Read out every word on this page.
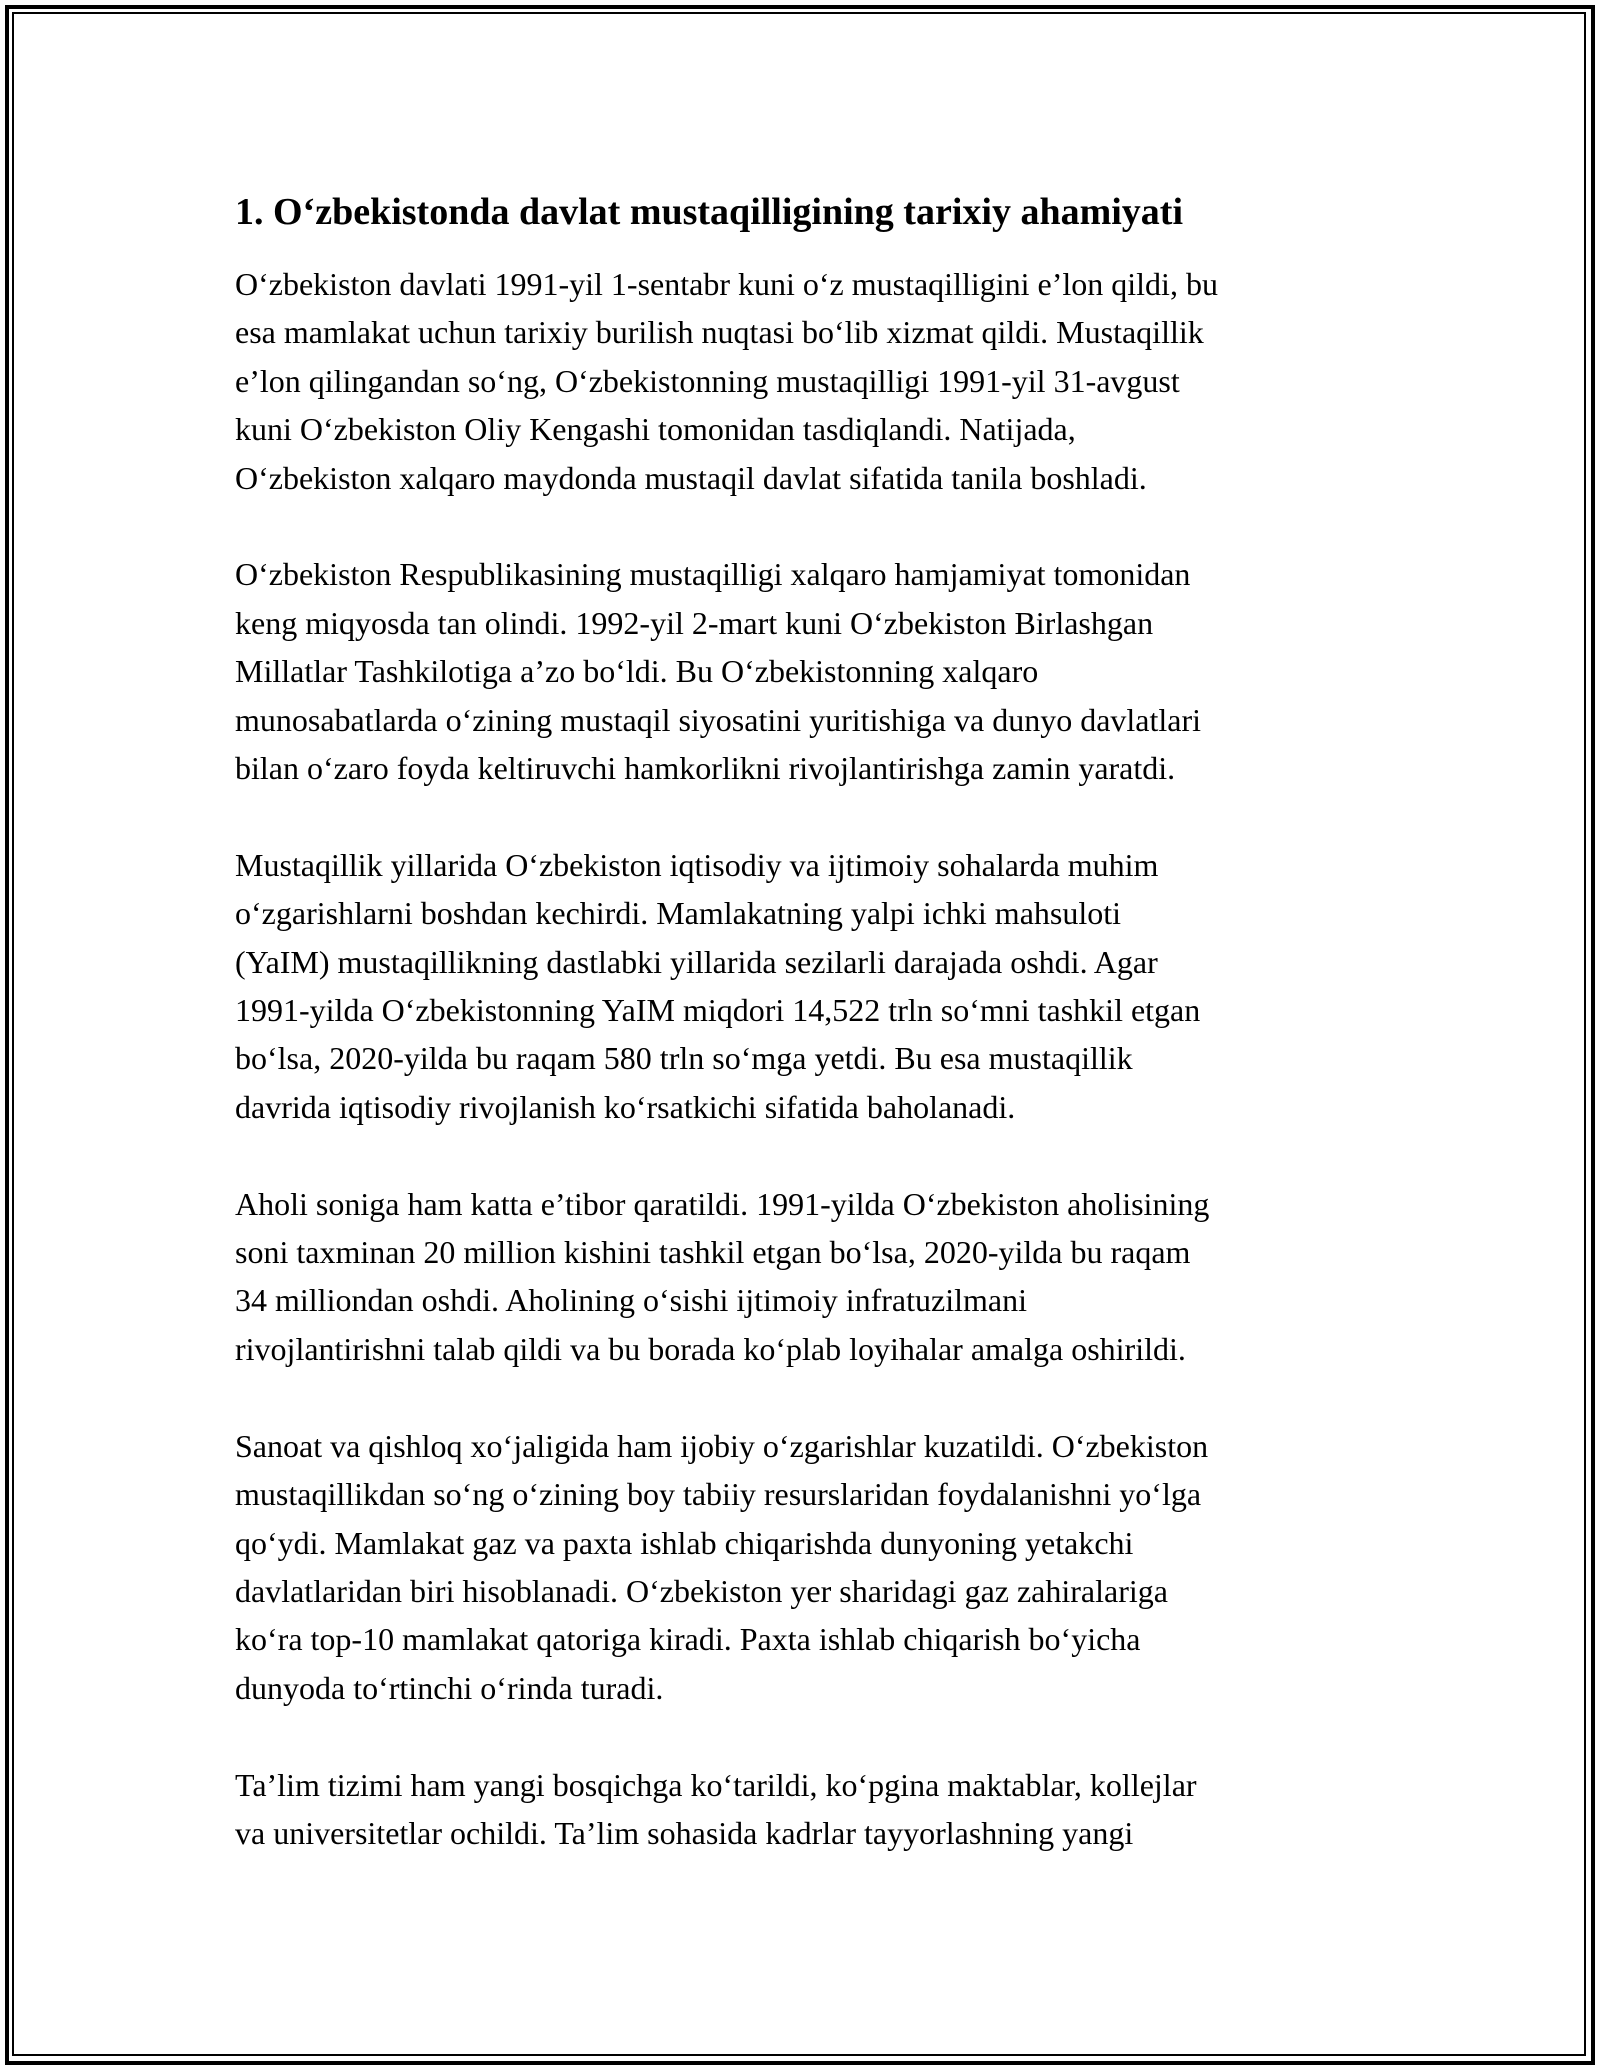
1. O‘zbekistonda davlat mustaqilligining tarixiy ahamiyati

O‘zbekiston davlati 1991-yil 1-sentabr kuni o‘z mustaqilligini e’lon qildi, bu
esa mamlakat uchun tarixiy burilish nuqtasi bo‘lib xizmat qildi. Mustaqillik
e’lon qilingandan so‘ng, O‘zbekistonning mustaqilligi 1991-yil 31-avgust
kuni O‘zbekiston Oliy Kengashi tomonidan tasdiqlandi. Natijada,
O‘zbekiston xalqaro maydonda mustaqil davlat sifatida tanila boshladi.

O‘zbekiston Respublikasining mustaqilligi xalqaro hamjamiyat tomonidan
keng miqyosda tan olindi. 1992-yil 2-mart kuni O‘zbekiston Birlashgan
Millatlar Tashkilotiga a’zo bo‘ldi. Bu O‘zbekistonning xalqaro
munosabatlarda o‘zining mustaqil siyosatini yuritishiga va dunyo davlatlari
bilan o‘zaro foyda keltiruvchi hamkorlikni rivojlantirishga zamin yaratdi.

Mustaqillik yillarida O‘zbekiston iqtisodiy va ijtimoiy sohalarda muhim
o‘zgarishlarni boshdan kechirdi. Mamlakatning yalpi ichki mahsuloti
(YaIM) mustaqillikning dastlabki yillarida sezilarli darajada oshdi. Agar
1991-yilda O‘zbekistonning YaIM miqdori 14,522 trln so‘mni tashkil etgan
bo‘lsa, 2020-yilda bu raqam 580 trln so‘mga yetdi. Bu esa mustaqillik
davrida iqtisodiy rivojlanish ko‘rsatkichi sifatida baholanadi.

Aholi soniga ham katta e’tibor qaratildi. 1991-yilda O‘zbekiston aholisining
soni taxminan 20 million kishini tashkil etgan bo‘lsa, 2020-yilda bu raqam
34 milliondan oshdi. Aholining o‘sishi ijtimoiy infratuzilmani
rivojlantirishni talab qildi va bu borada ko‘plab loyihalar amalga oshirildi.

Sanoat va qishloq xo‘jaligida ham ijobiy o‘zgarishlar kuzatildi. O‘zbekiston
mustaqillikdan so‘ng o‘zining boy tabiiy resurslaridan foydalanishni yo‘lga
qo‘ydi. Mamlakat gaz va paxta ishlab chiqarishda dunyoning yetakchi
davlatlaridan biri hisoblanadi. O‘zbekiston yer sharidagi gaz zahiralariga
ko‘ra top-10 mamlakat qatoriga kiradi. Paxta ishlab chiqarish bo‘yicha
dunyoda to‘rtinchi o‘rinda turadi.

Ta’lim tizimi ham yangi bosqichga ko‘tarildi, ko‘pgina maktablar, kollejlar
va universitetlar ochildi. Ta’lim sohasida kadrlar tayyorlashning yangi
